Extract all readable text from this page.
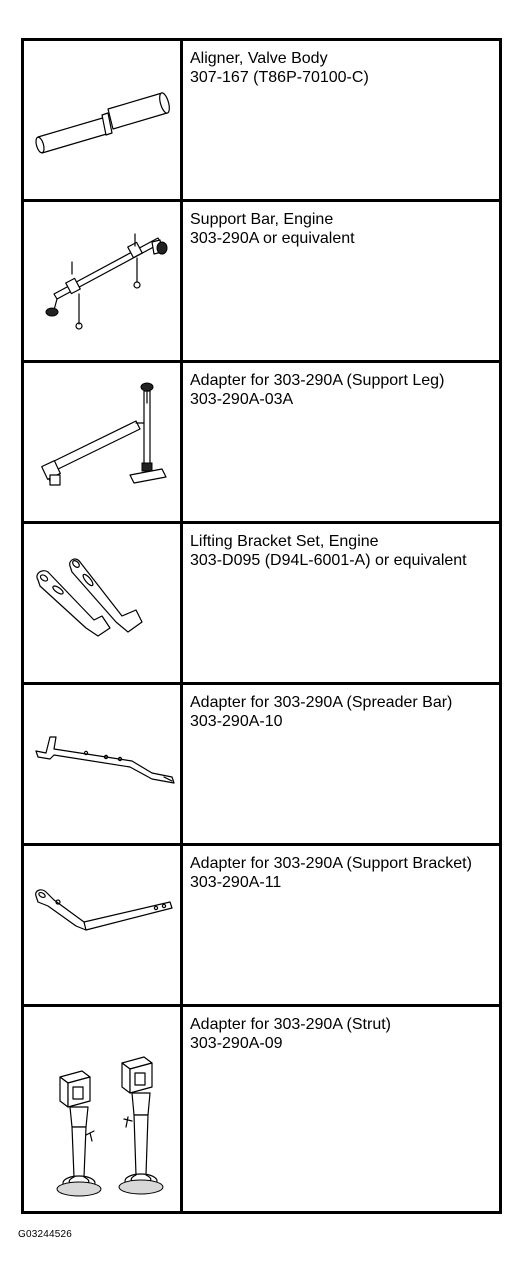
Aligner, Valve Body
307-167 (T86P-70100-C)

Support Bar, Engine
303-290A or equivalent

Adapter for 303-290A (Support Leg)
303-290A-03A

Lifting Bracket Set, Engine
303-D095 (D94L-6001-A) or equivalent

Adapter for 303-290A (Spreader Bar)
303-290A-10

Adapter for 303-290A (Support Bracket)
303-290A-11

Adapter for 303-290A (Strut)
303-290A-09
G03244526
